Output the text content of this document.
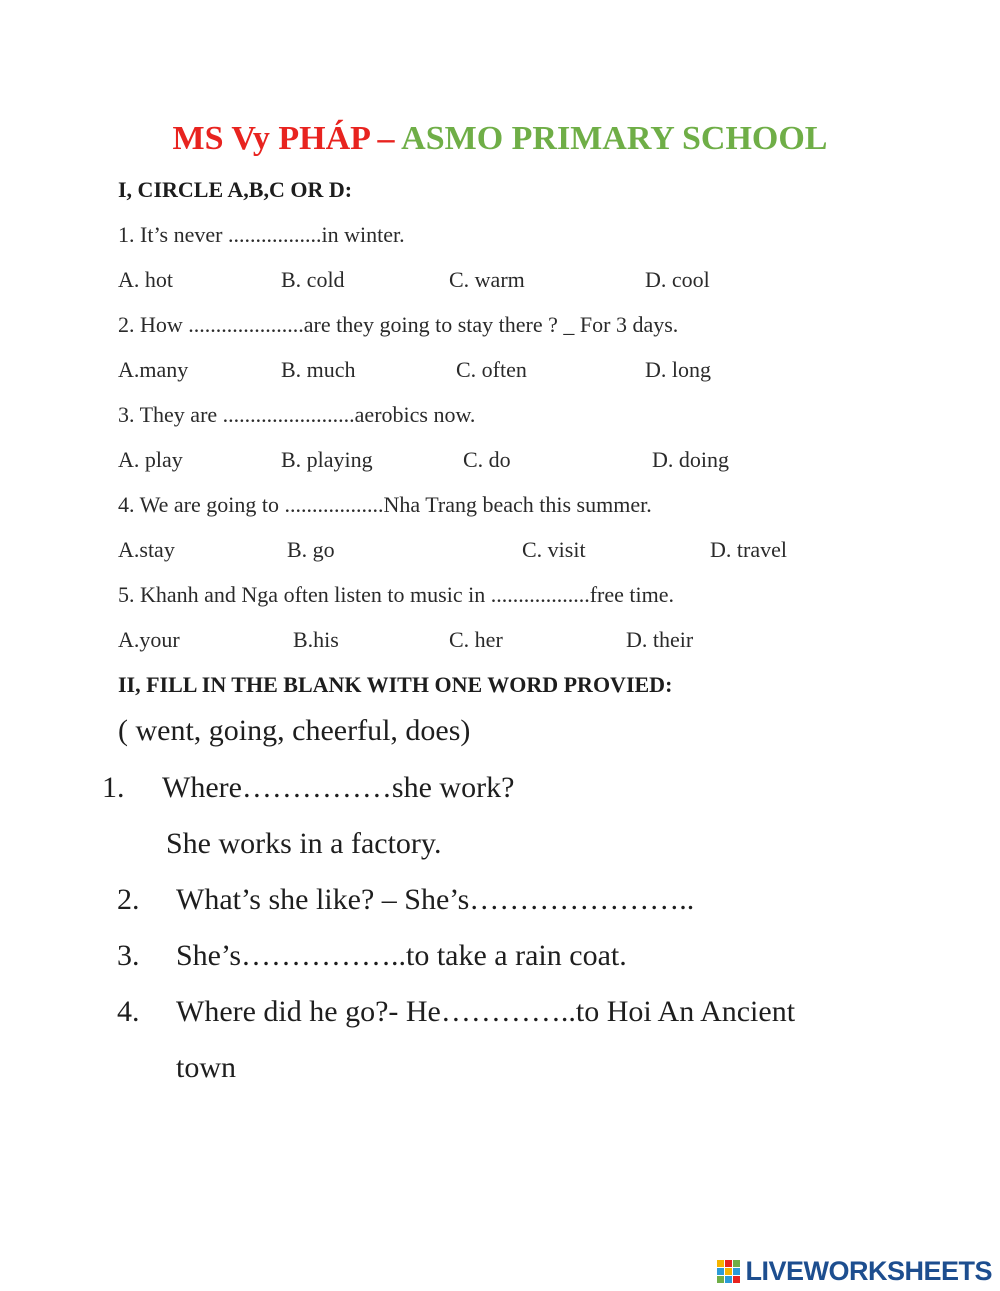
MS Vy PHÁP – ASMO PRIMARY SCHOOL
I, CIRCLE A,B,C OR D:
1. It’s never .................in winter.
A. hot	B. cold	C. warm	D. cool
2. How .....................are they going to stay there ? _ For 3 days.
A.many	B. much	C. often	D. long
3. They are ........................aerobics now.
A. play	B. playing	C. do	D. doing
4. We are going to ..................Nha Trang beach this summer.
A.stay	B. go	C. visit	D. travel
5. Khanh and Nga often listen to music in ..................free time.
A.your	B.his	C. her	D. their
II, FILL IN THE BLANK WITH ONE WORD PROVIED:
( went, going, cheerful, does)
1. Where……………she work?
She works in a factory.
2. What’s she like? – She’s…………………..
3. She’s……………..to take a rain coat.
4. Where did he go?- He…………..to Hoi An Ancient
town
LIVEWORKSHEETS
